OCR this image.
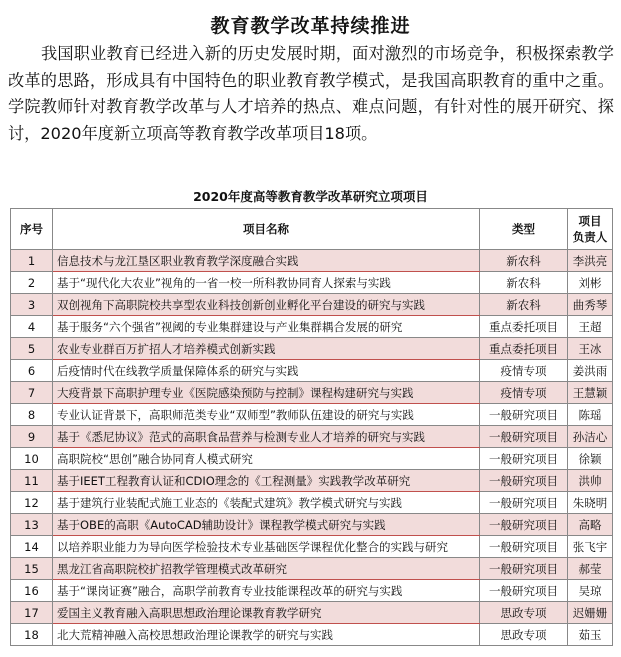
教育教学改革持续推进

我国职业教育已经进入新的历史发展时期，面对激烈的市场竞争，积极探索教学改革的思路，形成具有中国特色的职业教育教学模式，是我国高职教育的重中之重。学院教师针对教育教学改革与人才培养的热点、难点问题，有针对性的展开研究、探讨，2020年度新立项高等教育教学改革项目18项。

2020年度高等教育教学改革研究立项项目
序号	项目名称	类型	项目
负责人
1	信息技术与龙江垦区职业教育教学深度融合实践	新农科	李洪亮
2	基于“现代化大农业”视角的一省一校一所科教协同育人探索与实践	新农科	刘彬
3	双创视角下高职院校共享型农业科技创新创业孵化平台建设的研究与实践	新农科	曲秀琴
4	基于服务“六个强省”视阈的专业集群建设与产业集群耦合发展的研究	重点委托项目	王超
5	农业专业群百万扩招人才培养模式创新实践	重点委托项目	王冰
6	后疫情时代在线教学质量保障体系的研究与实践	疫情专项	姜洪雨
7	大疫背景下高职护理专业《医院感染预防与控制》课程构建研究与实践	疫情专项	王慧颖
8	专业认证背景下，高职师范类专业“双师型”教师队伍建设的研究与实践	一般研究项目	陈瑶
9	基于《悉尼协议》范式的高职食品营养与检测专业人才培养的研究与实践	一般研究项目	孙洁心
10	高职院校“思创”融合协同育人模式研究	一般研究项目	徐颖
11	基于IEET工程教育认证和CDIO理念的《工程测量》实践教学改革研究	一般研究项目	洪帅
12	基于建筑行业装配式施工业态的《装配式建筑》教学模式研究与实践	一般研究项目	朱晓明
13	基于OBE的高职《AutoCAD辅助设计》课程教学模式研究与实践	一般研究项目	高略
14	以培养职业能力为导向医学检验技术专业基础医学课程优化整合的实践与研究	一般研究项目	张飞宇
15	黑龙江省高职院校扩招教学管理模式改革研究	一般研究项目	郝莹
16	基于“课岗证赛”融合，高职学前教育专业技能课程改革的研究与实践	一般研究项目	吴琼
17	爱国主义教育融入高职思想政治理论课教育教学研究	思政专项	迟姗姗
18	北大荒精神融入高校思想政治理论课教学的研究与实践	思政专项	茹玉
